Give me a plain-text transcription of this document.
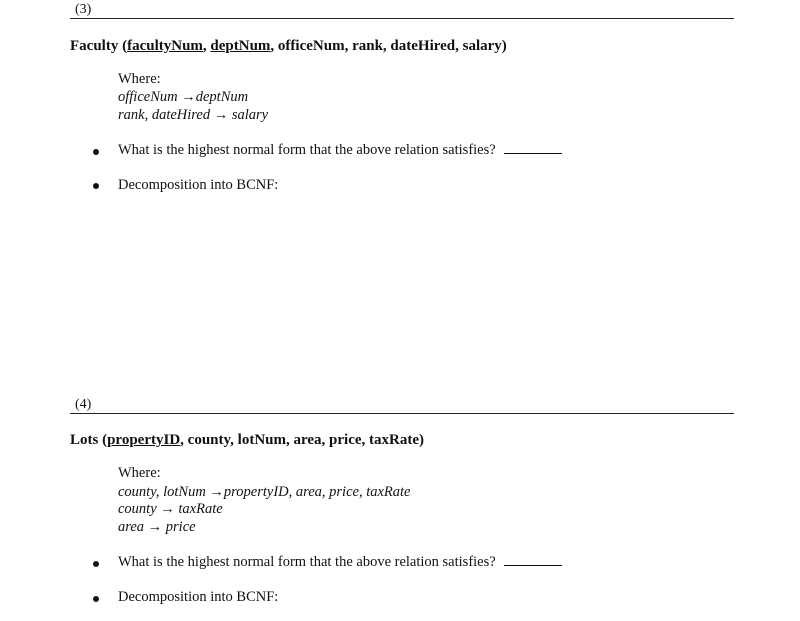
(3)
Faculty (facultyNum, deptNum, officeNum, rank, dateHired, salary)
Where:
officeNum →deptNum
rank, dateHired → salary
What is the highest normal form that the above relation satisfies?
Decomposition into BCNF:
(4)
Lots (propertyID, county, lotNum, area, price, taxRate)
Where:
county, lotNum →propertyID, area, price, taxRate
county → taxRate
area → price
What is the highest normal form that the above relation satisfies?
Decomposition into BCNF:
